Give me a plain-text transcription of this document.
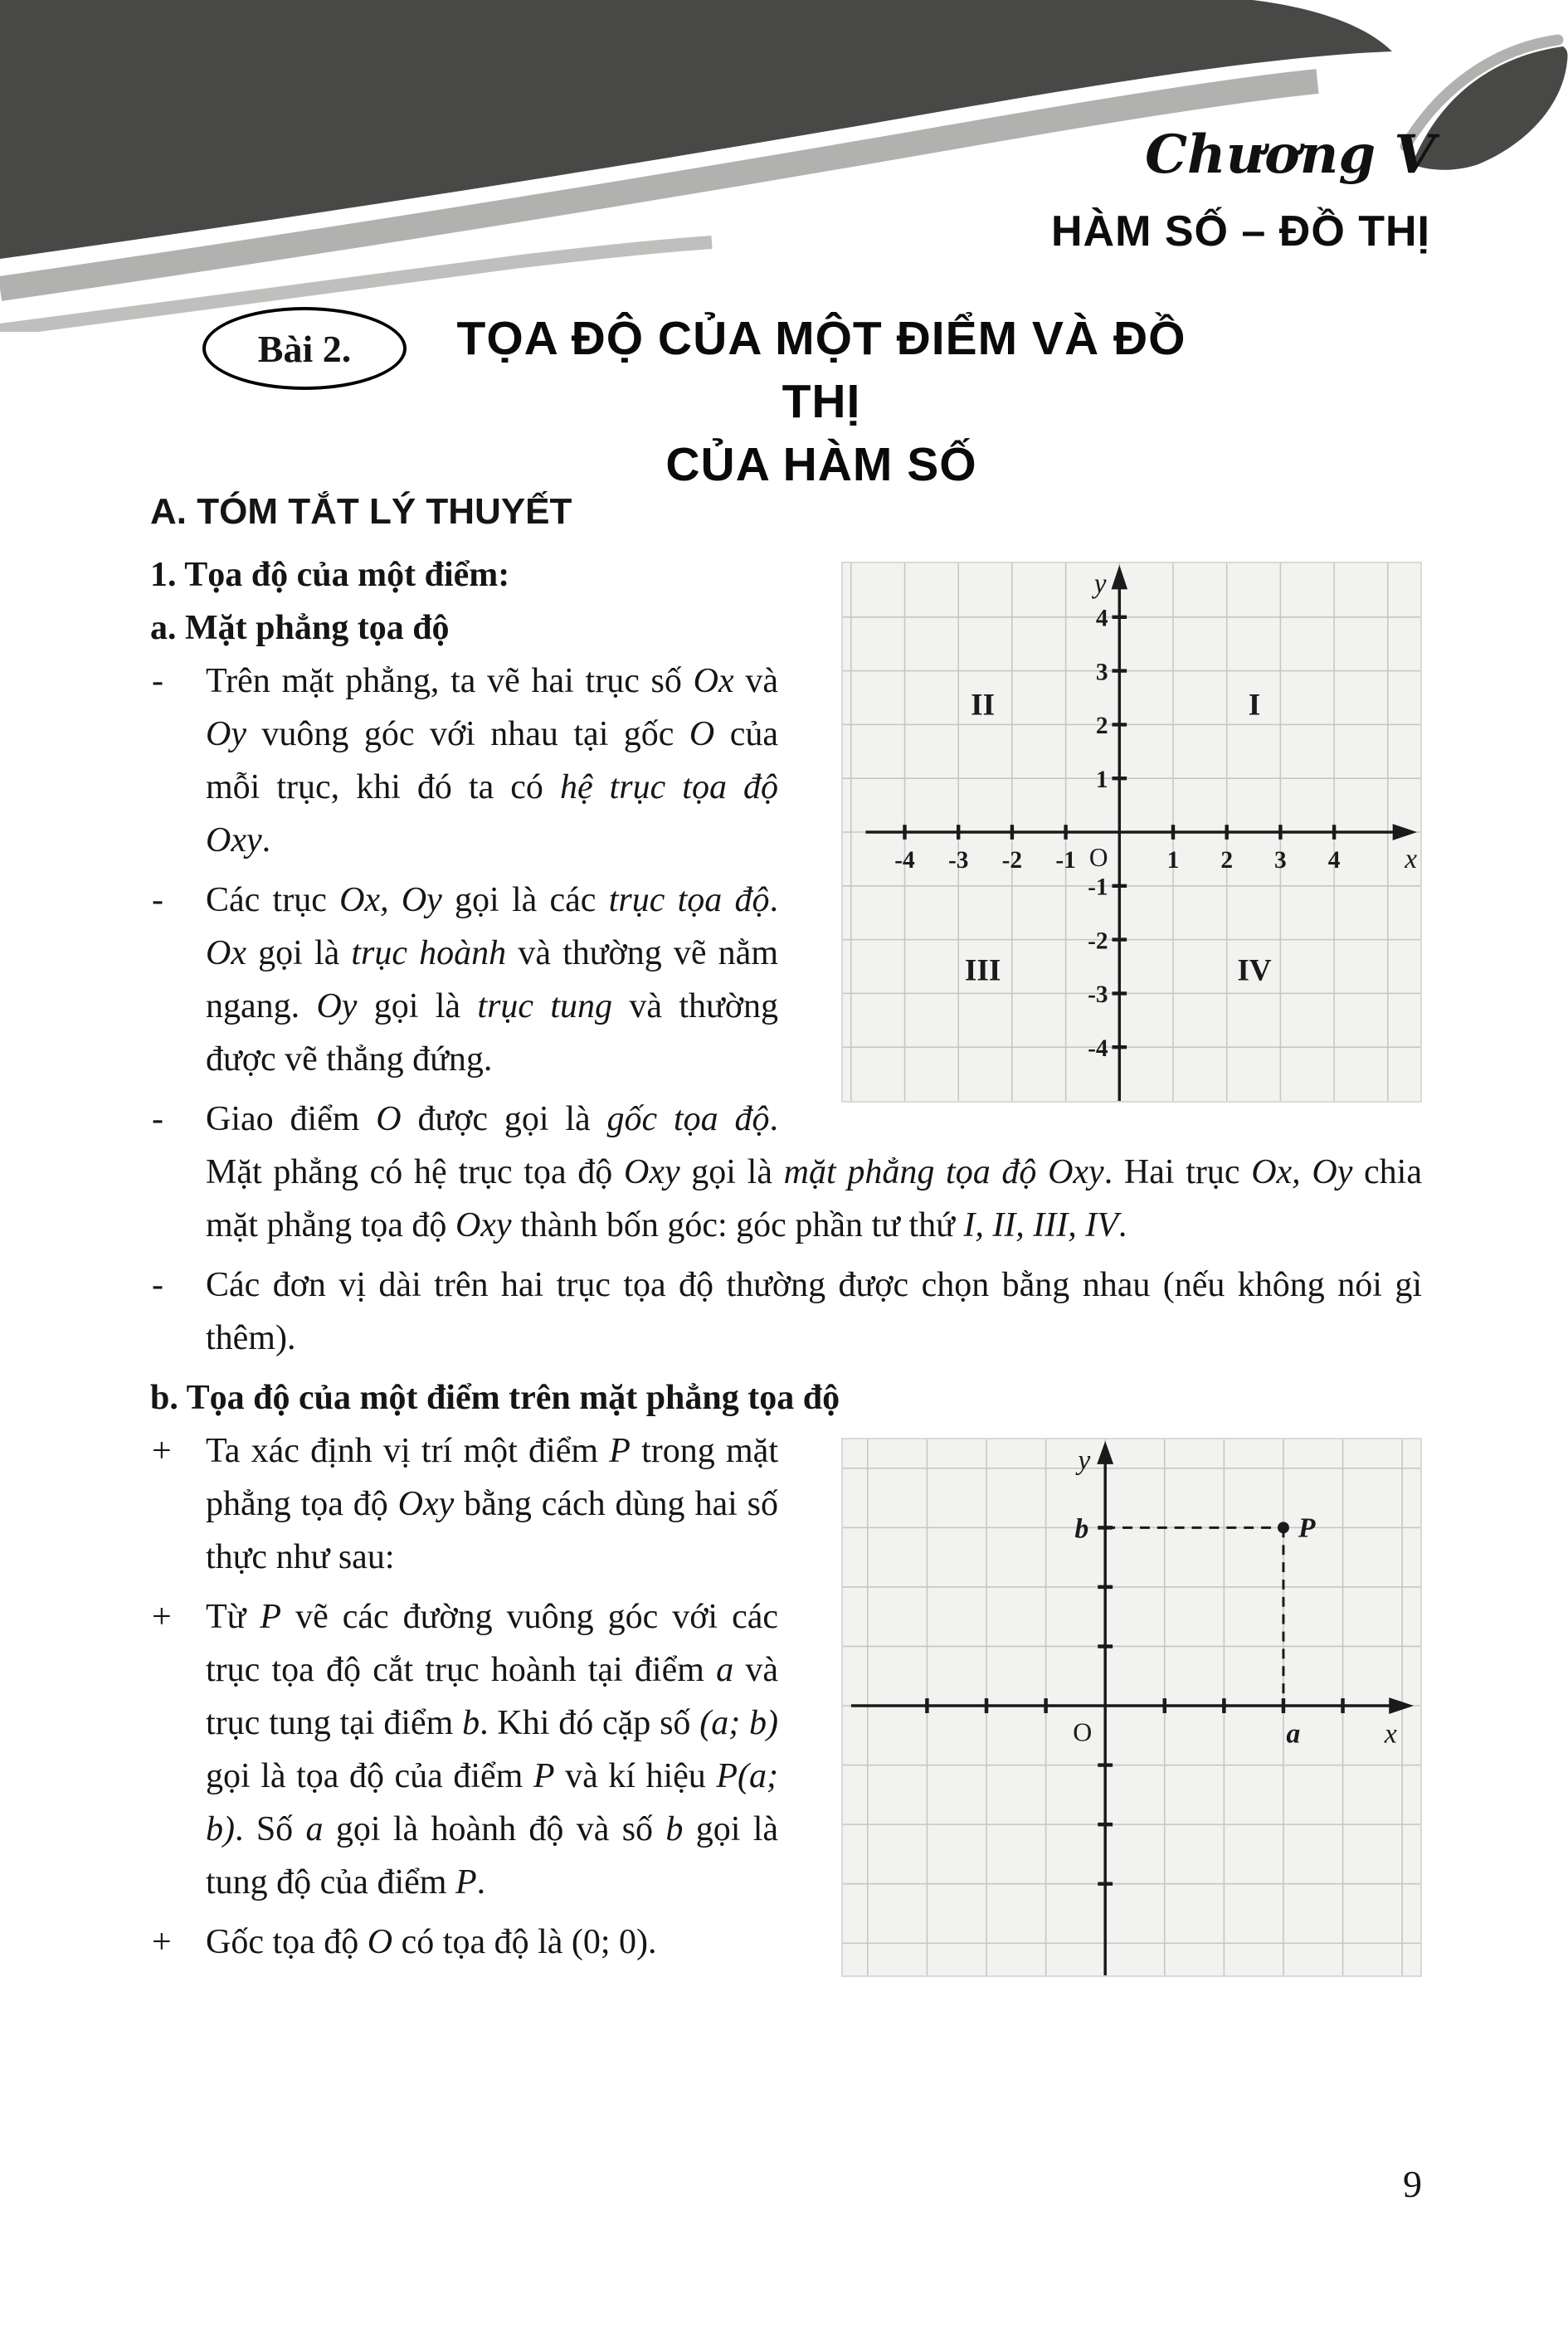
Chương V
HÀM SỐ – ĐỒ THỊ
Bài 2.	TỌA ĐỘ CỦA MỘT ĐIỂM VÀ ĐỒ THỊ
CỦA HÀM SỐ
A. TÓM TẮT LÝ THUYẾT
-4 -3 -2 -1	1 2 3 4
4
3
2
1
-1
-2
-3
-4
O	x
y
II	I
III	IV
1. Tọa độ của một điểm:
a. Mặt phẳng tọa độ
- Trên mặt phẳng, ta vẽ hai trục số Ox và Oy vuông góc với nhau tại gốc O của mỗi trục, khi đó ta có hệ trục tọa độ Oxy.
- Các trục Ox, Oy gọi là các trục tọa độ. Ox gọi là trục hoành và thường vẽ nằm ngang. Oy gọi là trục tung và thường được vẽ thẳng đứng.
- Giao điểm O được gọi là gốc tọa độ. Mặt phẳng có hệ trục tọa độ Oxy gọi là mặt phẳng tọa độ Oxy. Hai trục Ox, Oy chia mặt phẳng tọa độ Oxy thành bốn góc: góc phần tư thứ I, II, III, IV.
- Các đơn vị dài trên hai trục tọa độ thường được chọn bằng nhau (nếu không nói gì thêm).
b. Tọa độ của một điểm trên mặt phẳng tọa độ
P
b
a
O
y
x
+ Ta xác định vị trí một điểm P trong mặt phẳng tọa độ Oxy bằng cách dùng hai số thực như sau:
+ Từ P vẽ các đường vuông góc với các trục tọa độ cắt trục hoành tại điểm a và trục tung tại điểm b. Khi đó cặp số (a; b) gọi là tọa độ của điểm P và kí hiệu P(a; b). Số a gọi là hoành độ và số b gọi là tung độ của điểm P.
+ Gốc tọa độ O có tọa độ là (0; 0).
9
